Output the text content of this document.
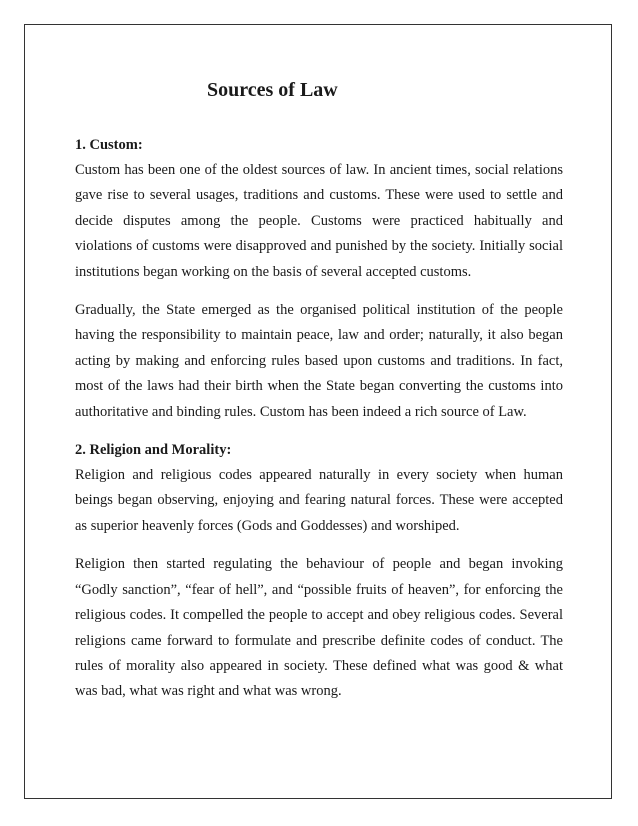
Sources of Law
1. Custom:

Custom has been one of the oldest sources of law. In ancient times, social relations gave rise to several usages, traditions and customs. These were used to settle and decide disputes among the people. Customs were practiced habitually and violations of customs were disapproved and punished by the society. Initially social institutions began working on the basis of several accepted customs.

Gradually, the State emerged as the organised political institution of the people having the responsibility to maintain peace, law and order; naturally, it also began acting by making and enforcing rules based upon customs and traditions. In fact, most of the laws had their birth when the State began converting the customs into authoritative and binding rules. Custom has been indeed a rich source of Law.

2. Religion and Morality:

Religion and religious codes appeared naturally in every society when human beings began observing, enjoying and fearing natural forces. These were accepted as superior heavenly forces (Gods and Goddesses) and worshiped.

Religion then started regulating the behaviour of people and began invoking “Godly sanction”, “fear of hell”, and “possible fruits of heaven”, for enforcing the religious codes. It compelled the people to accept and obey religious codes. Several religions came forward to formulate and prescribe definite codes of conduct. The rules of morality also appeared in society. These defined what was good & what was bad, what was right and what was wrong.
